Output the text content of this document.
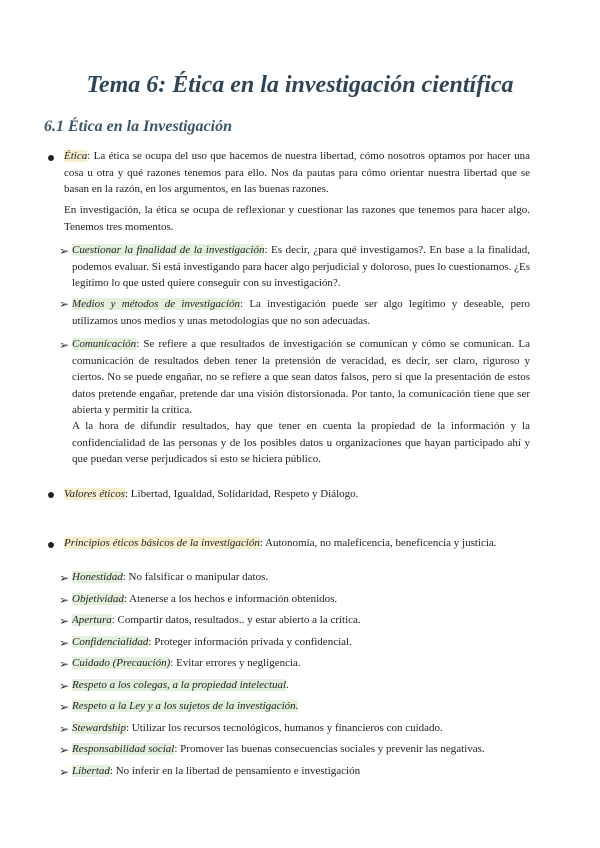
Tema 6: Ética en la investigación científica
6.1 Ética en la Investigación

Ética: La ética se ocupa del uso que hacemos de nuestra libertad, cómo nosotros optamos por hacer una cosa u otra y qué razones tenemos para ello. Nos da pautas para cómo orientar nuestra libertad que se basan en la razón, en los argumentos, en las buenas razones.

En investigación, la ética se ocupa de reflexionar y cuestionar las razones que tenemos para hacer algo. Tenemos tres momentos.

➢ Cuestionar la finalidad de la investigación: Es decir, ¿para qué investigamos?. En base a la finalidad, podemos evaluar. Si está investigando para hacer algo perjudicial y doloroso, pues lo cuestionamos. ¿Es legítimo lo que usted quiere conseguir con su investigación?.

➢ Medios y métodos de investigación: La investigación puede ser algo legítimo y deseable, pero utilizamos unos medios y unas metodologías que no son adecuadas.

➢ Comunicación: Se refiere a que resultados de investigación se comunican y cómo se comunican. La comunicación de resultados deben tener la pretensión de veracidad, es decir, ser claro, riguroso y ciertos. No se puede engañar, no se refiere a que sean datos falsos, pero sí que la presentación de estos datos pretende engañar, pretende dar una visión distorsionada. Por tanto, la comunicación tiene que ser abierta y permitir la crítica.

A la hora de difundir resultados, hay que tener en cuenta la propiedad de la información y la confidencialidad de las personas y de los posibles datos u organizaciones que hayan participado ahí y que puedan verse perjudicados si esto se hiciera público.

Valores éticos: Libertad, Igualdad, Solidaridad, Respeto y Diálogo.

Principios éticos básicos de la investigación: Autonomía, no maleficencia, beneficencia y justicia.

➢ Honestidad: No falsificar o manipular datos.
➢ Objetividad: Atenerse a los hechos e información obtenidos.
➢ Apertura: Compartir datos, resultados.. y estar abierto a la crítica.
➢ Confidencialidad: Proteger información privada y confidencial.
➢ Cuidado (Precaución): Evitar errores y negligencia.
➢ Respeto a los colegas, a la propiedad intelectual.
➢ Respeto a la Ley y a los sujetos de la investigación.
➢ Stewardship: Utilizar los recursos tecnológicos, humanos y financieros con cuidado.
➢ Responsabilidad social: Promover las buenas consecuencias sociales y prevenir las negativas.
➢ Libertad: No inferir en la libertad de pensamiento e investigación
